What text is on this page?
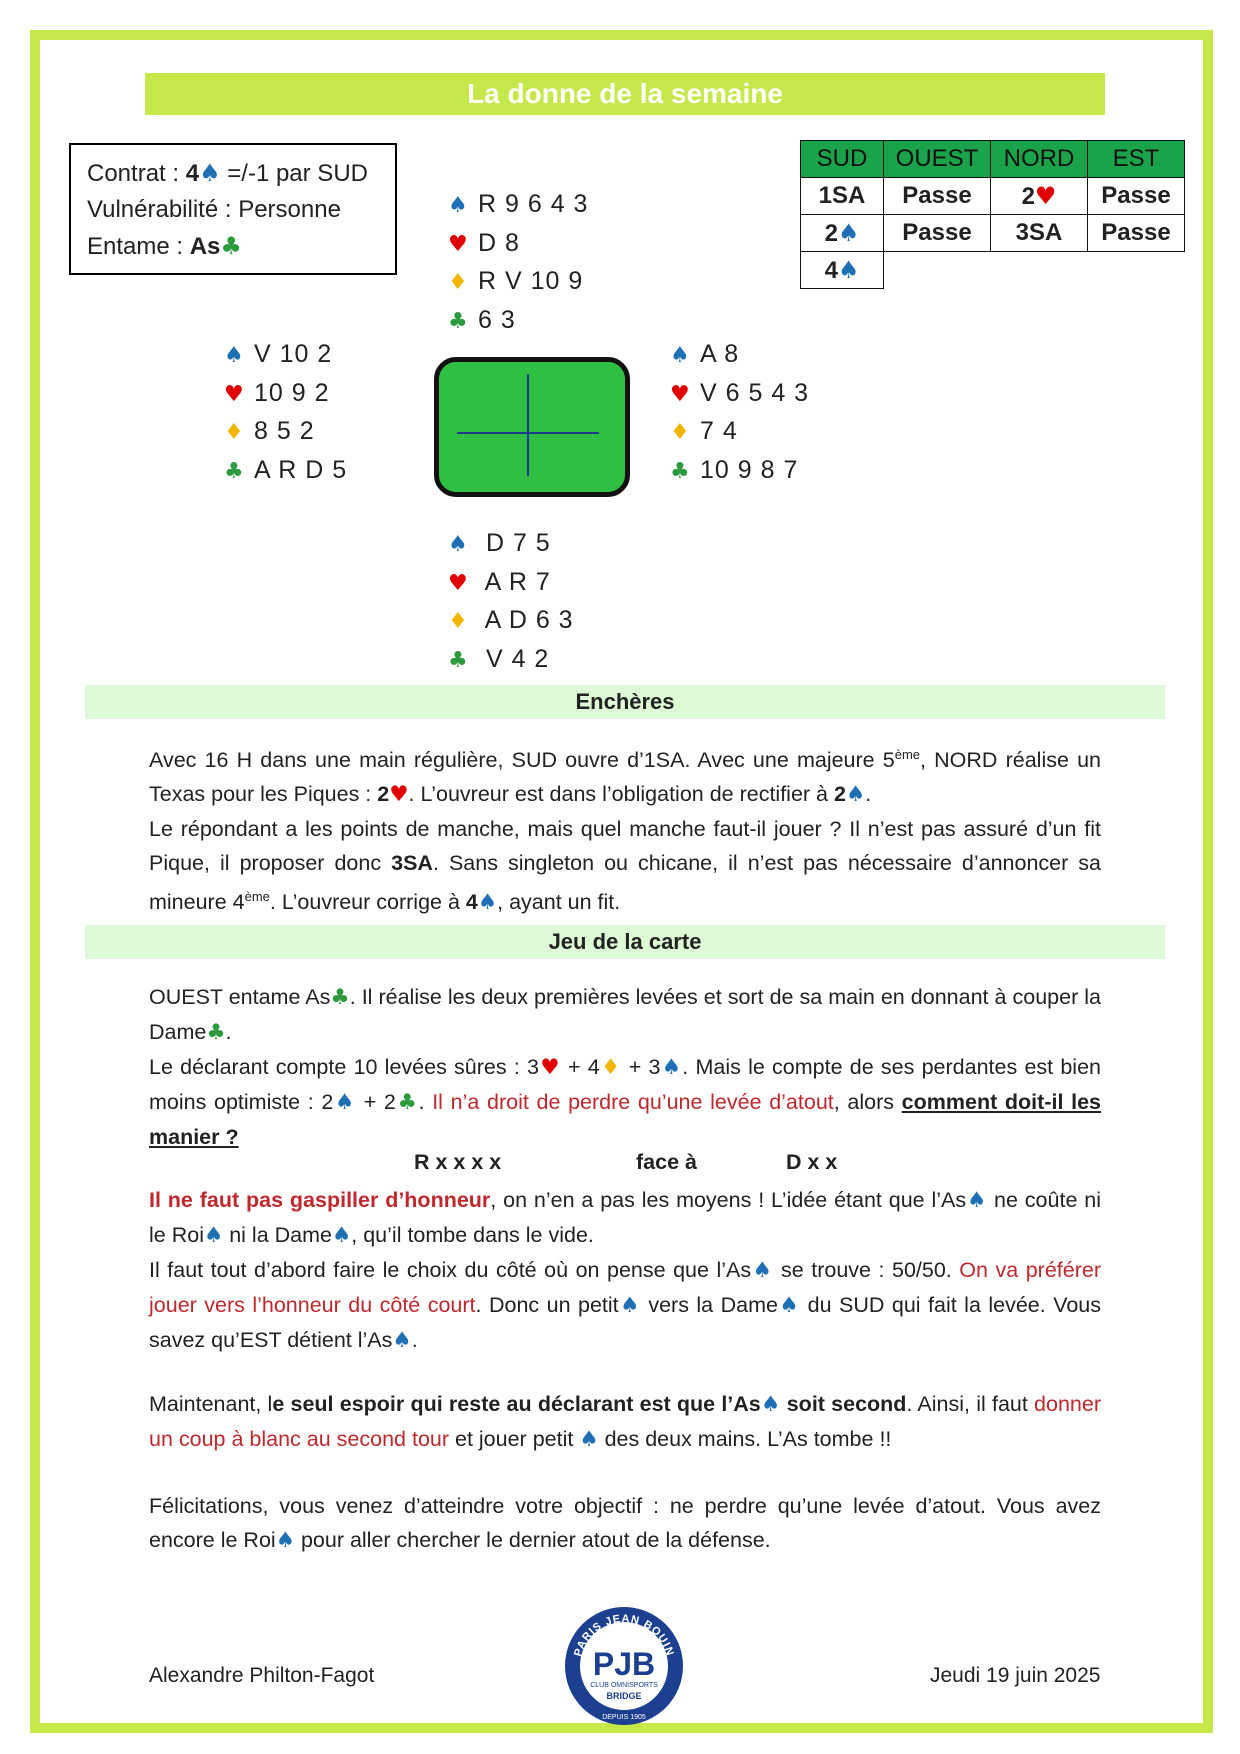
La donne de la semaine
Contrat : 4♠ =/-1 par SUD
Vulnérabilité : Personne
Entame : As♣
♠ R 9 6 4 3
♥ D 8
♦ R V 10 9
♣ 6 3
♠ V 10 2
♥ 10 9 2
♦ 8 5 2
♣ A R D 5
♠ A 8
♥ V 6 5 4 3
♦ 7 4
♣ 10 9 8 7
♠ D 7 5
♥ A R 7
♦ A D 6 3
♣ V 4 2
SUD	OUEST	NORD	EST
1SA	Passe	2♥	Passe
2♠	Passe	3SA	Passe
4♠			
Enchères
Avec 16 H dans une main régulière, SUD ouvre d’1SA. Avec une majeure 5ème, NORD réalise un Texas pour les Piques : 2♥. L’ouvreur est dans l’obligation de rectifier à 2♠.
Le répondant a les points de manche, mais quel manche faut-il jouer ? Il n’est pas assuré d’un fit Pique, il proposer donc 3SA. Sans singleton ou chicane, il n’est pas nécessaire d’annoncer sa mineure 4ème. L’ouvreur corrige à 4♠, ayant un fit.
Jeu de la carte
OUEST entame As♣. Il réalise les deux premières levées et sort de sa main en donnant à couper la Dame♣.
Le déclarant compte 10 levées sûres : 3♥ + 4♦ + 3♠. Mais le compte de ses perdantes est bien moins optimiste : 2♠ + 2♣. Il n’a droit de perdre qu’une levée d’atout, alors comment doit-il les manier ?
R x x x x	face à	D x x
Il ne faut pas gaspiller d’honneur, on n’en a pas les moyens ! L’idée étant que l’As♠ ne coûte ni le Roi♠ ni la Dame♠, qu’il tombe dans le vide.
Il faut tout d’abord faire le choix du côté où on pense que l’As♠ se trouve : 50/50. On va préférer jouer vers l’honneur du côté court. Donc un petit♠ vers la Dame♠ du SUD qui fait la levée. Vous savez qu’EST détient l’As♠.
Maintenant, le seul espoir qui reste au déclarant est que l’As♠ soit second. Ainsi, il faut donner un coup à blanc au second tour et jouer petit ♠ des deux mains. L’As tombe !!
Félicitations, vous venez d’atteindre votre objectif : ne perdre qu’une levée d’atout. Vous avez encore le Roi♠ pour aller chercher le dernier atout de la défense.
Alexandre Philton-Fagot
PARIS JEAN BOUIN
PJB
CLUB OMNISPORTS
BRIDGE
DEPUIS 1905
Jeudi 19 juin 2025
